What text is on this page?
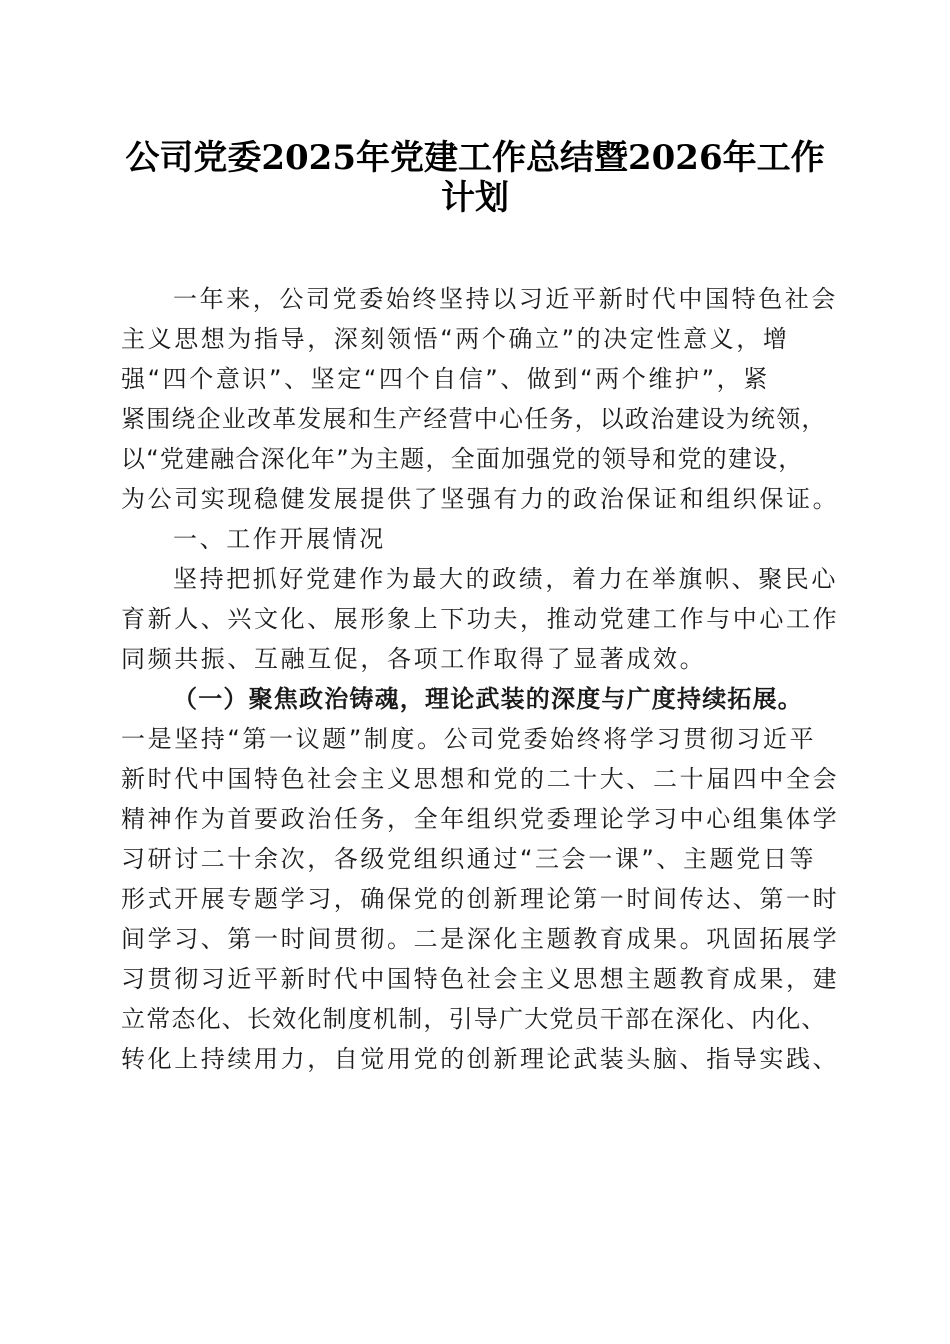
公司党委2025年党建工作总结暨2026年工作
计划
一年来，公司党委始终坚持以习近平新时代中国特色社会
主义思想为指导，深刻领悟“两个确立”的决定性意义，增
强“四个意识”、坚定“四个自信”、做到“两个维护”，紧
紧围绕企业改革发展和生产经营中心任务，以政治建设为统领，
以“党建融合深化年”为主题，全面加强党的领导和党的建设，
为公司实现稳健发展提供了坚强有力的政治保证和组织保证。
一、工作开展情况
坚持把抓好党建作为最大的政绩，着力在举旗帜、聚民心
育新人、兴文化、展形象上下功夫，推动党建工作与中心工作
同频共振、互融互促，各项工作取得了显著成效。
（一）聚焦政治铸魂，理论武装的深度与广度持续拓展。
一是坚持“第一议题”制度。公司党委始终将学习贯彻习近平
新时代中国特色社会主义思想和党的二十大、二十届四中全会
精神作为首要政治任务，全年组织党委理论学习中心组集体学
习研讨二十余次，各级党组织通过“三会一课”、主题党日等
形式开展专题学习，确保党的创新理论第一时间传达、第一时
间学习、第一时间贯彻。二是深化主题教育成果。巩固拓展学
习贯彻习近平新时代中国特色社会主义思想主题教育成果，建
立常态化、长效化制度机制，引导广大党员干部在深化、内化、
转化上持续用力，自觉用党的创新理论武装头脑、指导实践、
